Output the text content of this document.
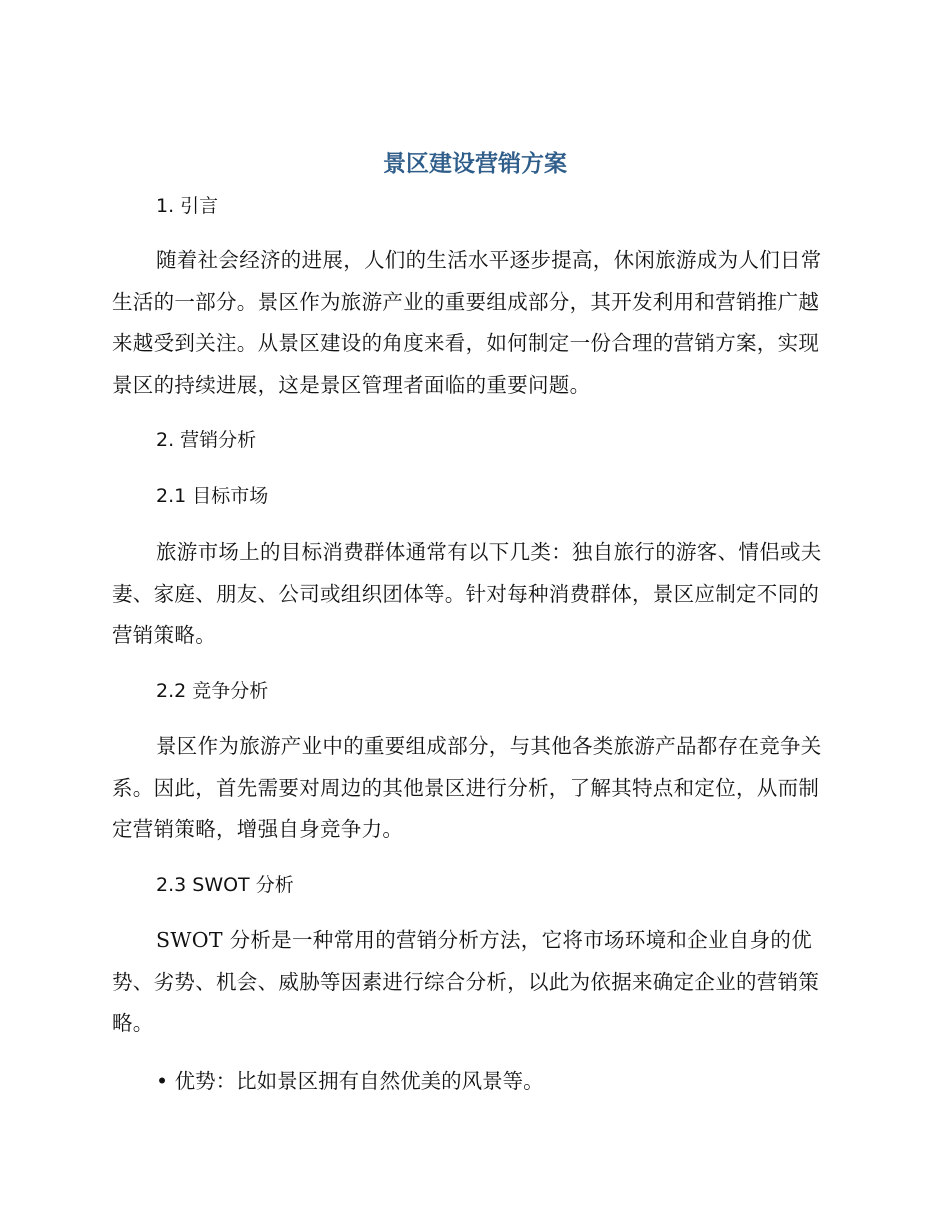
景区建设营销方案
1. 引言
随着社会经济的进展，人们的生活水平逐步提高，休闲旅游成为人们日常生活的一部分。景区作为旅游产业的重要组成部分，其开发利用和营销推广越来越受到关注。从景区建设的角度来看，如何制定一份合理的营销方案，实现景区的持续进展，这是景区管理者面临的重要问题。
2. 营销分析
2.1 目标市场
旅游市场上的目标消费群体通常有以下几类：独自旅行的游客、情侣或夫妻、家庭、朋友、公司或组织团体等。针对每种消费群体，景区应制定不同的营销策略。
2.2 竞争分析
景区作为旅游产业中的重要组成部分，与其他各类旅游产品都存在竞争关系。因此，首先需要对周边的其他景区进行分析，了解其特点和定位，从而制定营销策略，增强自身竞争力。
2.3 SWOT 分析
SWOT 分析是一种常用的营销分析方法，它将市场环境和企业自身的优势、劣势、机会、威胁等因素进行综合分析，以此为依据来确定企业的营销策略。
• 优势：比如景区拥有自然优美的风景等。
